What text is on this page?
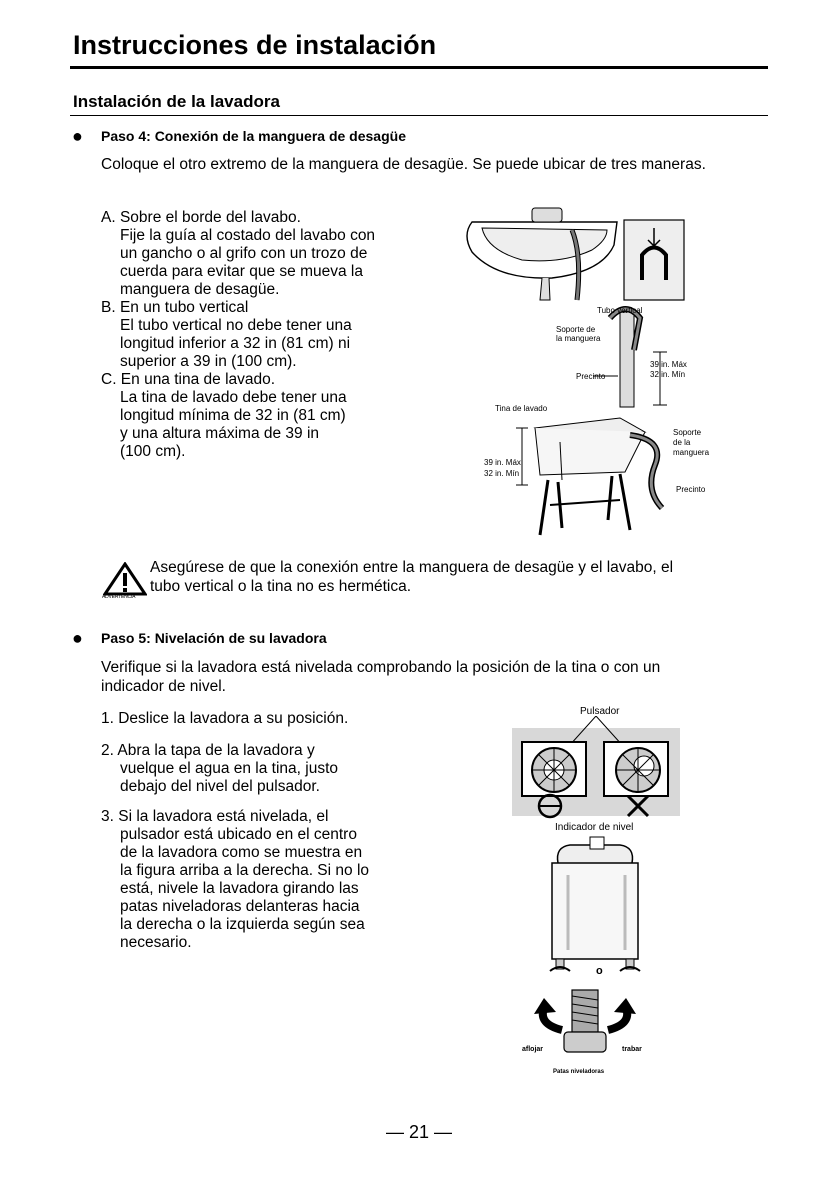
Instrucciones de instalación
Instalación de la lavadora
● Paso 4: Conexión de la manguera de desagüe
Coloque el otro extremo de la manguera de desagüe. Se puede ubicar de tres maneras.
A. Sobre el borde del lavabo.
Fije la guía al costado del lavabo con
un gancho o al grifo con un trozo de
cuerda para evitar que se mueva la
manguera de desagüe.
B. En un tubo vertical
El tubo vertical no debe tener una
longitud inferior a 32 in (81 cm) ni
superior a 39 in (100 cm).
C. En una tina de lavado.
La tina de lavado debe tener una
longitud mínima de 32 in (81 cm)
y una altura máxima de 39 in
(100 cm).
Tubo vertical
Soporte de
la manguera
Precinto
39 in. Máx
32 in. Mín
Tina de lavado
39 in. Máx
32 in. Mín
Soporte
de la
manguera
Precinto
ADVERTENCIA
Asegúrese de que la conexión entre la manguera de desagüe y el lavabo, el
tubo vertical o la tina no es hermética.
● Paso 5: Nivelación de su lavadora
Verifique si la lavadora está nivelada comprobando la posición de la tina o con un
indicador de nivel.
1. Deslice la lavadora a su posición.
2. Abra la tapa de la lavadora y
vuelque el agua en la tina, justo
debajo del nivel del pulsador.
3. Si la lavadora está nivelada, el
pulsador está ubicado en el centro
de la lavadora como se muestra en
la figura arriba a la derecha. Si no lo
está, nivele la lavadora girando las
patas niveladoras delanteras hacia
la derecha o la izquierda según sea
necesario.
Pulsador
Indicador de nivel
o
aflojar	trabar
Patas niveladoras
— 21 —
